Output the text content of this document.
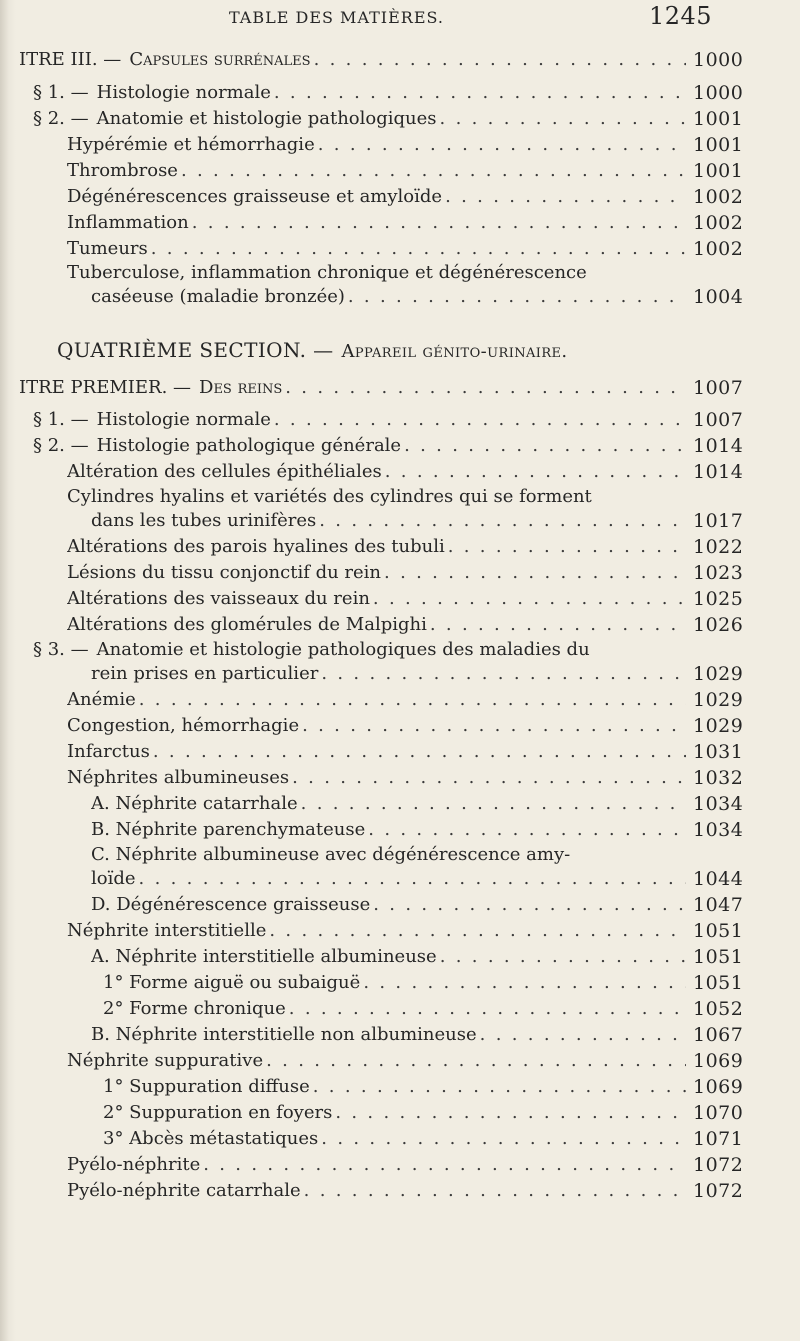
TABLE DES MATIÈRES.	1245
ITRE III. — Capsules surrénales . . .	1000
§ 1. — Histologie normale . . .	1000
§ 2. — Anatomie et histologie pathologiques . . .	1001
Hypérémie et hémorrhagie . . .	1001
Thrombrose . . .	1001
Dégénérescences graisseuse et amyloïde . . .	1002
Inflammation . . .	1002
Tumeurs . . .	1002
Tuberculose, inflammation chronique et dégénérescence
caséeuse (maladie bronzée) . . .	1004
QUATRIÈME SECTION. — Appareil génito-urinaire.
ITRE PREMIER. — Des reins . . .	1007
§ 1. — Histologie normale . . .	1007
§ 2. — Histologie pathologique générale . . .	1014
Altération des cellules épithéliales . . .	1014
Cylindres hyalins et variétés des cylindres qui se forment
dans les tubes urinifères . . .	1017
Altérations des parois hyalines des tubuli . . .	1022
Lésions du tissu conjonctif du rein . . .	1023
Altérations des vaisseaux du rein . . .	1025
Altérations des glomérules de Malpighi . . .	1026
§ 3. — Anatomie et histologie pathologiques des maladies du
rein prises en particulier . . .	1029
Anémie . . .	1029
Congestion, hémorrhagie . . .	1029
Infarctus . . .	1031
Néphrites albumineuses . . .	1032
A. Néphrite catarrhale . . .	1034
B. Néphrite parenchymateuse . . .	1034
C. Néphrite albumineuse avec dégénérescence amy-
loïde . . .	1044
D. Dégénérescence graisseuse . . .	1047
Néphrite interstitielle . . .	1051
A. Néphrite interstitielle albumineuse . . .	1051
1° Forme aiguë ou subaiguë . . .	1051
2° Forme chronique . . .	1052
B. Néphrite interstitielle non albumineuse . . .	1067
Néphrite suppurative . . .	1069
1° Suppuration diffuse . . .	1069
2° Suppuration en foyers . . .	1070
3° Abcès métastatiques . . .	1071
Pyélo-néphrite . . .	1072
Pyélo-néphrite catarrhale . . .	1072
